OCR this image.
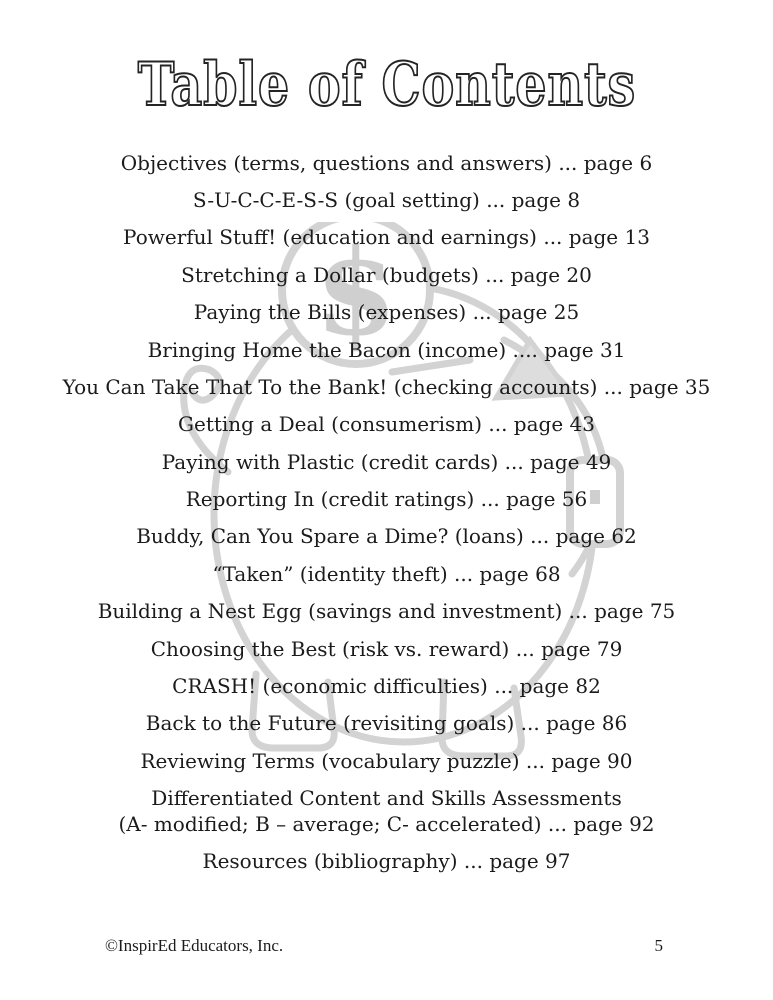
$
Table of Contents
Objectives (terms, questions and answers) ... page 6
S-U-C-C-E-S-S (goal setting) ... page 8
Powerful Stuff! (education and earnings) ... page 13
Stretching a Dollar (budgets) ... page 20
Paying the Bills (expenses) ... page 25
Bringing Home the Bacon (income) .... page 31
You Can Take That To the Bank! (checking accounts) ... page 35
Getting a Deal (consumerism) ... page 43
Paying with Plastic (credit cards) ... page 49
Reporting In (credit ratings) ... page 56
Buddy, Can You Spare a Dime? (loans) ... page 62
“Taken” (identity theft) ... page 68
Building a Nest Egg (savings and investment) ... page 75
Choosing the Best (risk vs. reward) ... page 79
CRASH! (economic difficulties) ... page 82
Back to the Future (revisiting goals) ... page 86
Reviewing Terms (vocabulary puzzle) ... page 90
Differentiated Content and Skills Assessments
(A- modified; B – average; C- accelerated) ... page 92
Resources (bibliography) ... page 97
©InspirEd Educators, Inc.	5
